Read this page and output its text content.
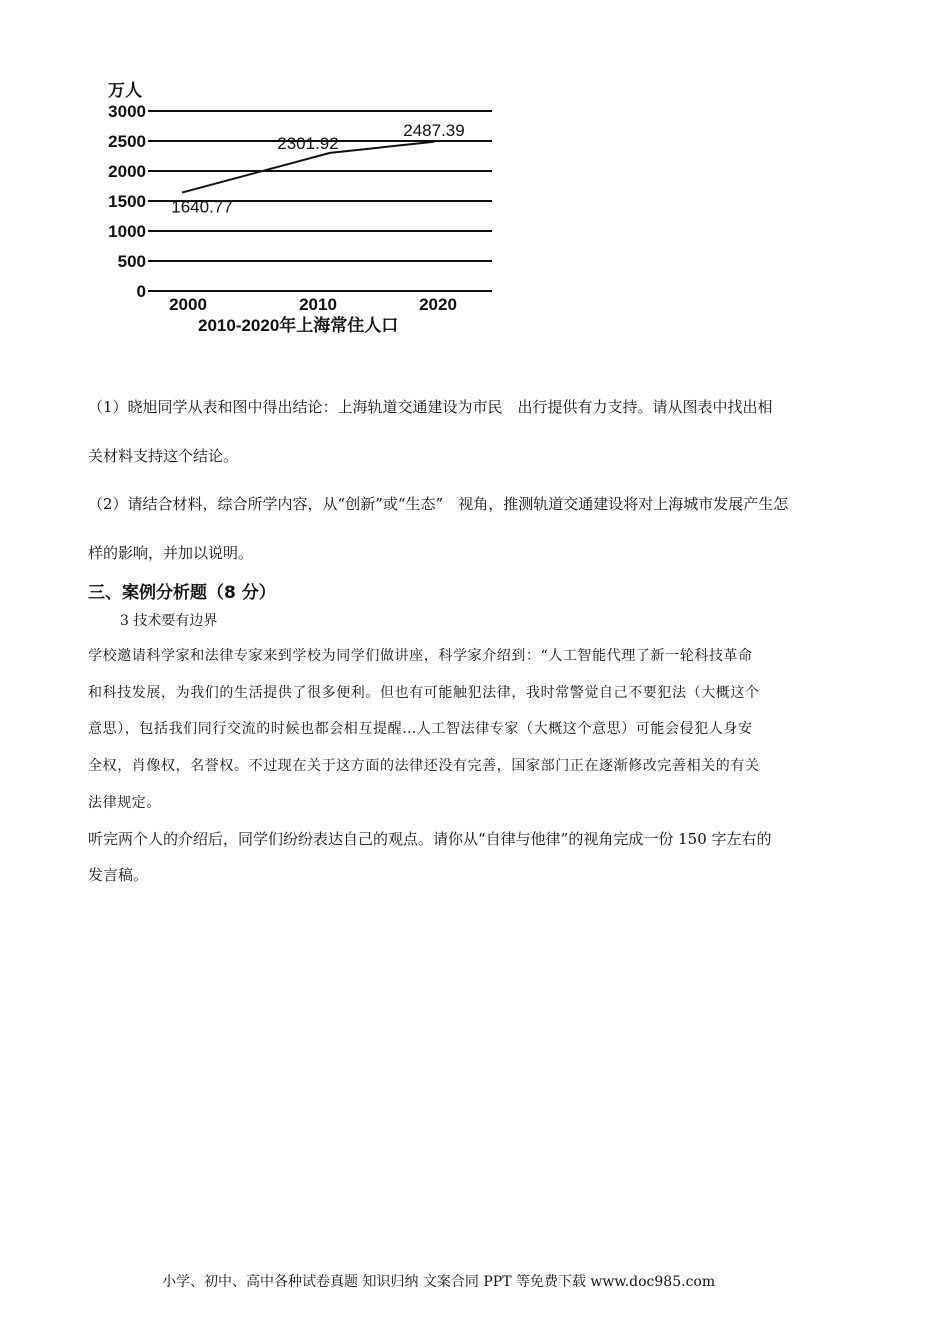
万人
3000
2500
2000
1500
1000
500
0
2000	2010	2020
1640.77
2301.92
2487.39
2010-2020年上海常住人口
（1）晓旭同学从表和图中得出结论：上海轨道交通建设为市民　出行提供有力支持。请从图表中找出相
关材料支持这个结论。
（2）请结合材料，综合所学内容，从“创新”或“生态”　视角，推测轨道交通建设将对上海城市发展产生怎
样的影响，并加以说明。
三、案例分析题（8 分）
3 技术要有边界
学校邀请科学家和法律专家来到学校为同学们做讲座，科学家介绍到：“人工智能代理了新一轮科技革命
和科技发展，为我们的生活提供了很多便利。但也有可能触犯法律，我时常警觉自己不要犯法（大概这个
意思），包括我们同行交流的时候也都会相互提醒…人工智法律专家（大概这个意思）可能会侵犯人身安
全权，肖像权，名誉权。不过现在关于这方面的法律还没有完善，国家部门正在逐渐修改完善相关的有关
法律规定。
听完两个人的介绍后，同学们纷纷表达自己的观点。请你从“自律与他律”的视角完成一份 150 字左右的
发言稿。
小学、初中、高中各种试卷真题 知识归纳 文案合同 PPT 等免费下载 www.doc985.com
